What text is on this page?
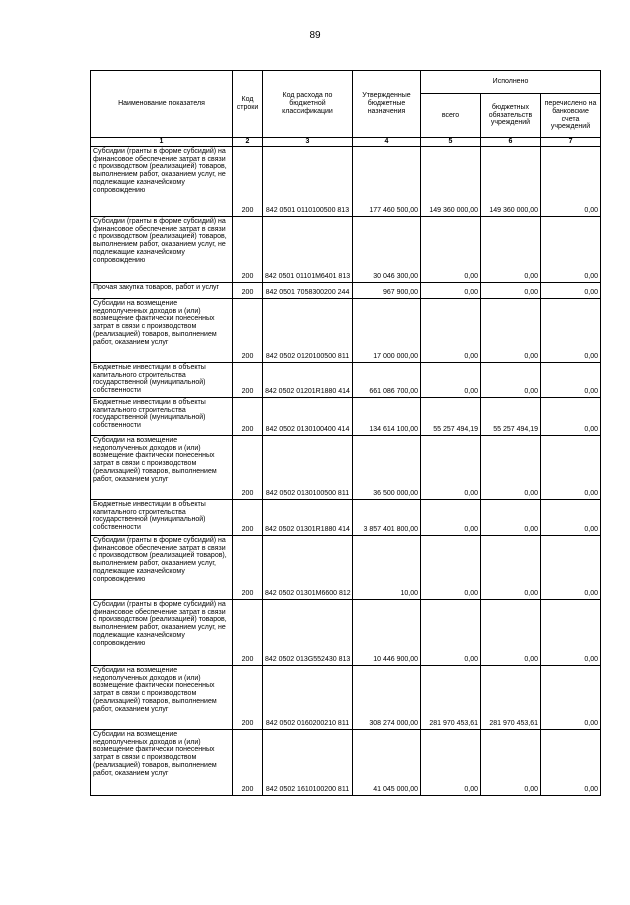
89
Наименование показателя	Код строки	Код расхода по бюджетной классификации	Утвержденные бюджетные назначения	Исполнено		
				всего	бюджетных обязательств учреждений	перечислено на банковские счета учреждений
1	2	3	4	5	6	7
Субсидии (гранты в форме субсидий) на финансовое обеспечение затрат в связи с производством (реализацией) товаров, выполнением работ, оказанием услуг, не подлежащие казначейскому сопровождению	200	842 0501 0110100500 813	177 460 500,00	149 360 000,00	149 360 000,00	0,00
Субсидии (гранты в форме субсидий) на финансовое обеспечение затрат в связи с производством (реализацией) товаров, выполнением работ, оказанием услуг, не подлежащие казначейскому сопровождению	200	842 0501 01101М6401 813	30 046 300,00	0,00	0,00	0,00
Прочая закупка товаров, работ и услуг	200	842 0501 7058300200 244	967 900,00	0,00	0,00	0,00
Субсидии на возмещение недополученных доходов и (или) возмещение фактически понесенных затрат в связи с производством (реализацией) товаров, выполнением работ, оказанием услуг	200	842 0502 0120100500 811	17 000 000,00	0,00	0,00	0,00
Бюджетные инвестиции в объекты капитального строительства государственной (муниципальной) собственности	200	842 0502 01201R1880 414	661 086 700,00	0,00	0,00	0,00
Бюджетные инвестиции в объекты капитального строительства государственной (муниципальной) собственности	200	842 0502 0130100400 414	134 614 100,00	55 257 494,19	55 257 494,19	0,00
Субсидии на возмещение недополученных доходов и (или) возмещение фактически понесенных затрат в связи с производством (реализацией) товаров, выполнением работ, оказанием услуг	200	842 0502 0130100500 811	36 500 000,00	0,00	0,00	0,00
Бюджетные инвестиции в объекты капитального строительства государственной (муниципальной) собственности	200	842 0502 01301R1880 414	3 857 401 800,00	0,00	0,00	0,00
Субсидии (гранты в форме субсидий) на финансовое обеспечение затрат в связи с производством (реализацией товаров), выполнением работ, оказанием услуг, подлежащие казначейскому сопровождению	200	842 0502 01301М6600 812	10,00	0,00	0,00	0,00
Субсидии (гранты в форме субсидий) на финансовое обеспечение затрат в связи с производством (реализацией) товаров, выполнением работ, оказанием услуг, не подлежащие казначейскому сопровождению	200	842 0502 013G552430 813	10 446 900,00	0,00	0,00	0,00
Субсидии на возмещение недополученных доходов и (или) возмещение фактически понесенных затрат в связи с производством (реализацией) товаров, выполнением работ, оказанием услуг	200	842 0502 0160200210 811	308 274 000,00	281 970 453,61	281 970 453,61	0,00
Субсидии на возмещение недополученных доходов и (или) возмещение фактически понесенных затрат в связи с производством (реализацией) товаров, выполнением работ, оказанием услуг	200	842 0502 1610100200 811	41 045 000,00	0,00	0,00	0,00
